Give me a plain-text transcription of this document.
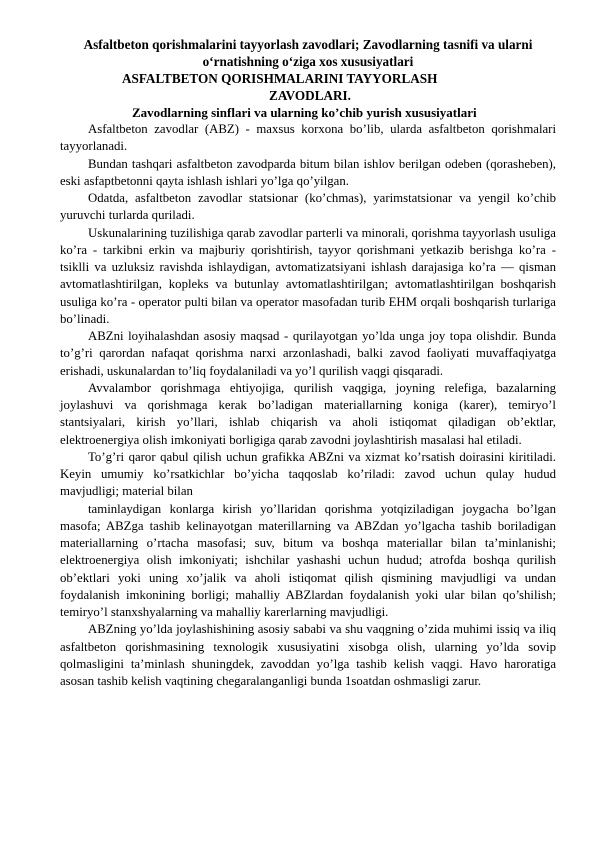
Asfaltbeton qorishmalarini tayyorlash zavodlari; Zavodlarning tasnifi va ularni

o‘rnatishning o‘ziga xos xususiyatlari

ASFALTBETON QORISHMALARINI TAYYORLASH

ZAVODLARI.

Zavodlarning sinflari va ularning ko’chib yurish xususiyatlari

Asfaltbeton zavodlar (ABZ) - maxsus korxona bo’lib, ularda asfaltbeton qorishmalari tayyorlanadi.

Bundan tashqari asfaltbeton zavodparda bitum bilan ishlov berilgan odeben (qorasheben), eski asfaptbetonni qayta ishlash ishlari yo’lga qo’yilgan.

Odatda, asfaltbeton zavodlar statsionar (ko’chmas), yarimstatsionar va yengil ko’chib yuruvchi turlarda quriladi.

Uskunalarining tuzilishiga qarab zavodlar parterli va minorali, qorishma tayyorlash usuliga ko’ra - tarkibni erkin va majburiy qorishtirish, tayyor qorishmani yetkazib berishga ko’ra - tsiklli va uzluksiz ravishda ishlaydigan, avtomatizatsiyani ishlash darajasiga ko’ra — qisman avtomatlashtirilgan, kopleks va butunlay avtomatlashtirilgan; avtomatlashtirilgan boshqarish usuliga ko’ra - operator pulti bilan va operator masofadan turib EHM orqali boshqarish turlariga bo’linadi.

ABZni loyihalashdan asosiy maqsad - qurilayotgan yo’lda unga joy topa olishdir. Bunda to’g’ri qarordan nafaqat qorishma narxi arzonlashadi, balki zavod faoliyati muvaffaqiyatga erishadi, uskunalardan to’liq foydalaniladi va yo’l qurilish vaqgi qisqaradi.

Avvalambor qorishmaga ehtiyojiga, qurilish vaqgiga, joyning relefiga, bazalarning joylashuvi va qorishmaga kerak bo’ladigan materiallarning koniga (karer), temiryo’l stantsiyalari, kirish yo’llari, ishlab chiqarish va aholi istiqomat qiladigan ob’ektlar, elektroenergiya olish imkoniyati borligiga qarab zavodni joylashtirish masalasi hal etiladi.

To’g’ri qaror qabul qilish uchun grafikka ABZni va xizmat ko’rsatish doirasini kiritiladi. Keyin umumiy ko’rsatkichlar bo’yicha taqqoslab ko’riladi: zavod uchun qulay hudud mavjudligi; material bilan

taminlaydigan konlarga kirish yo’llaridan qorishma yotqiziladigan joygacha bo’lgan masofa; ABZga tashib kelinayotgan materillarning va ABZdan yo’lgacha tashib boriladigan materiallarning o’rtacha masofasi; suv, bitum va boshqa materiallar bilan ta’minlanishi; elektroenergiya olish imkoniyati; ishchilar yashashi uchun hudud; atrofda boshqa qurilish ob’ektlari yoki uning xo’jalik va aholi istiqomat qilish qismining mavjudligi va undan foydalanish imkonining borligi; mahalliy ABZlardan foydalanish yoki ular bilan qo’shilish; temiryo’l stanxshyalarning va mahalliy karerlarning mavjudligi.

ABZning yo’lda joylashishining asosiy sababi va shu vaqgning o’zida muhimi issiq va iliq asfaltbeton qorishmasining texnologik xususiyatini xisobga olish, ularning yo’lda sovip qolmasligini ta’minlash shuningdek, zavoddan yo’lga tashib kelish vaqgi. Havo haroratiga asosan tashib kelish vaqtining chegaralanganligi bunda 1soatdan oshmasligi zarur.
